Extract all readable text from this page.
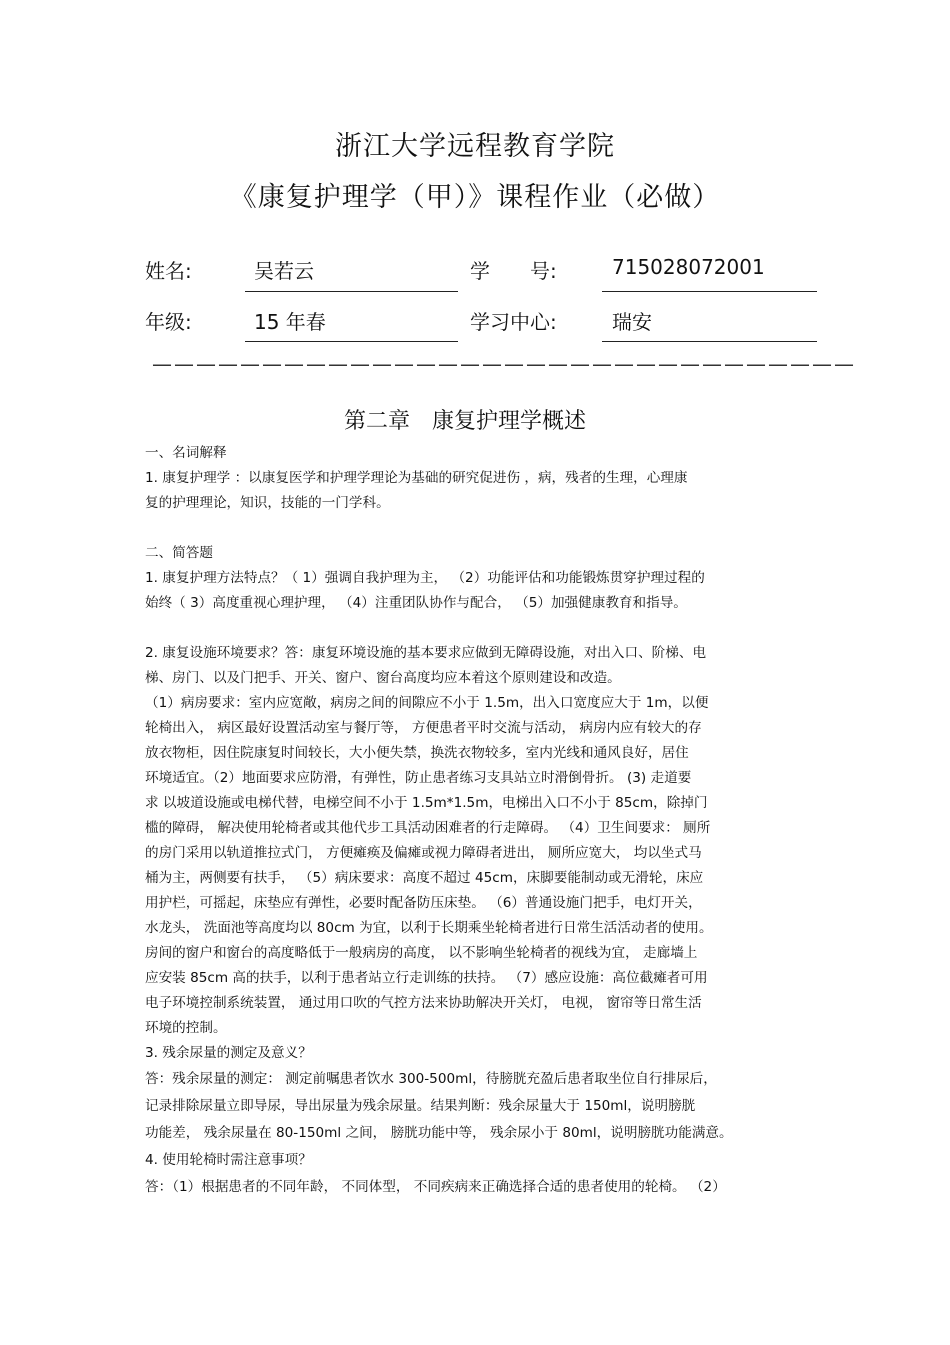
浙江大学远程教育学院
《康复护理学（甲）》课程作业（必做）
姓名:	吴若云	学　　号:	715028072001
年级:	15 年春	学习中心:	瑞安
————————————————————————————————
第二章　康复护理学概述

一、名词解释

1. 康复护理学 ：以康复医学和护理学理论为基础的研究促进伤 ，病，残者的生理，心理康

复的护理理论，知识，技能的一门学科。

二、简答题

1. 康复护理方法特点？（ 1）强调自我护理为主， （2）功能评估和功能锻炼贯穿护理过程的

始终（ 3）高度重视心理护理， （4）注重团队协作与配合， （5）加强健康教育和指导。

2. 康复设施环境要求？答：康复环境设施的基本要求应做到无障碍设施，对出入口、阶梯、电

梯、房门、以及门把手、开关、窗户、窗台高度均应本着这个原则建设和改造。

（1）病房要求：室内应宽敞，病房之间的间隙应不小于 1.5m，出入口宽度应大于 1m，以便

轮椅出入， 病区最好设置活动室与餐厅等， 方便患者平时交流与活动， 病房内应有较大的存

放衣物柜，因住院康复时间较长，大小便失禁，换洗衣物较多，室内光线和通风良好，居住

环境适宜。（2）地面要求应防滑，有弹性，防止患者练习支具站立时滑倒骨折。 (3) 走道要

求 以坡道设施或电梯代替，电梯空间不小于 1.5m*1.5m，电梯出入口不小于 85cm，除掉门

槛的障碍， 解决使用轮椅者或其他代步工具活动困难者的行走障碍。 （4）卫生间要求： 厕所

的房门采用以轨道推拉式门， 方便瘫痪及偏瘫或视力障碍者进出， 厕所应宽大， 均以坐式马

桶为主，两侧要有扶手， （5）病床要求：高度不超过 45cm，床脚要能制动或无滑轮，床应

用护栏，可摇起，床垫应有弹性，必要时配备防压床垫。 （6）普通设施门把手，电灯开关，

水龙头， 洗面池等高度均以 80cm 为宜，以利于长期乘坐轮椅者进行日常生活活动者的使用。

房间的窗户和窗台的高度略低于一般病房的高度， 以不影响坐轮椅者的视线为宜， 走廊墙上

应安装 85cm 高的扶手，以利于患者站立行走训练的扶持。 （7）感应设施：高位截瘫者可用

电子环境控制系统装置， 通过用口吹的气控方法来协助解决开关灯， 电视， 窗帘等日常生活

环境的控制。

3. 残余尿量的测定及意义？

答：残余尿量的测定： 测定前嘱患者饮水 300-500ml，待膀胱充盈后患者取坐位自行排尿后，

记录排除尿量立即导尿，导出尿量为残余尿量。结果判断：残余尿量大于 150ml，说明膀胱

功能差， 残余尿量在 80-150ml 之间， 膀胱功能中等， 残余尿小于 80ml，说明膀胱功能满意。

4. 使用轮椅时需注意事项？

答：（1）根据患者的不同年龄， 不同体型， 不同疾病来正确选择合适的患者使用的轮椅。 （2）
